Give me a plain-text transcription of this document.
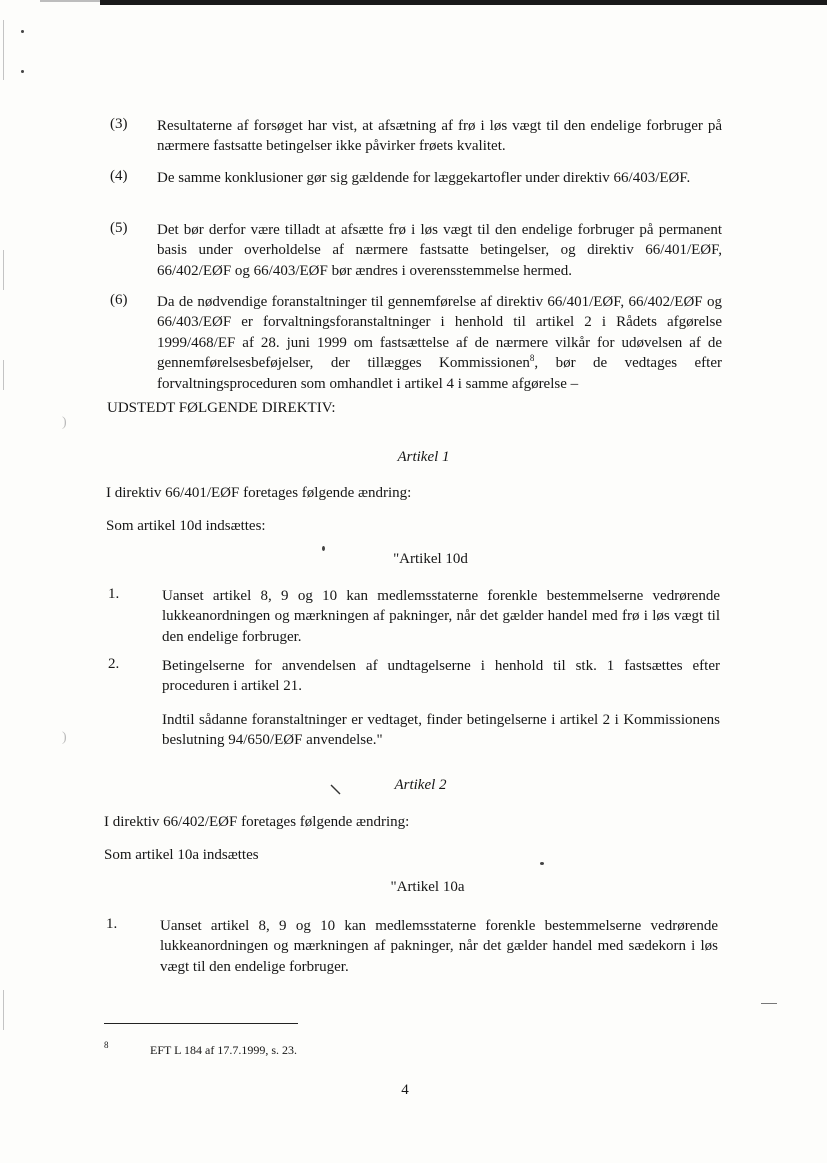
)
)
(3) Resultaterne af forsøget har vist, at afsætning af frø i løs vægt til den endelige forbruger på nærmere fastsatte betingelser ikke påvirker frøets kvalitet.
(4) De samme konklusioner gør sig gældende for læggekartofler under direktiv 66/403/EØF.
(5) Det bør derfor være tilladt at afsætte frø i løs vægt til den endelige forbruger på permanent basis under overholdelse af nærmere fastsatte betingelser, og direktiv 66/401/EØF, 66/402/EØF og 66/403/EØF bør ændres i overensstemmelse hermed.
(6) Da de nødvendige foranstaltninger til gennemførelse af direktiv 66/401/EØF, 66/402/EØF og 66/403/EØF er forvaltningsforanstaltninger i henhold til artikel 2 i Rådets afgørelse 1999/468/EF af 28. juni 1999 om fastsættelse af de nærmere vilkår for udøvelsen af de gennemførelsesbeføjelser, der tillægges Kommissionen$^8$, bør de vedtages efter forvaltningsproceduren som omhandlet i artikel 4 i samme afgørelse –
UDSTEDT FØLGENDE DIREKTIV:
Artikel 1
I direktiv 66/401/EØF foretages følgende ændring:
Som artikel 10d indsættes:
"Artikel 10d
1.	Uanset artikel 8, 9 og 10 kan medlemsstaterne forenkle bestemmelserne vedrørende lukkeanordningen og mærkningen af pakninger, når det gælder handel med frø i løs vægt til den endelige forbruger.
2.	Betingelserne for anvendelsen af undtagelserne i henhold til stk. 1 fastsættes efter proceduren i artikel 21.
Indtil sådanne foranstaltninger er vedtaget, finder betingelserne i artikel 2 i Kommissionens beslutning 94/650/EØF anvendelse."
Artikel 2
I direktiv 66/402/EØF foretages følgende ændring:
Som artikel 10a indsættes
"Artikel 10a
1.	Uanset artikel 8, 9 og 10 kan medlemsstaterne forenkle bestemmelserne vedrørende lukkeanordningen og mærkningen af pakninger, når det gælder handel med sædekorn i løs vægt til den endelige forbruger.
8	EFT L 184 af 17.7.1999, s. 23.
4
